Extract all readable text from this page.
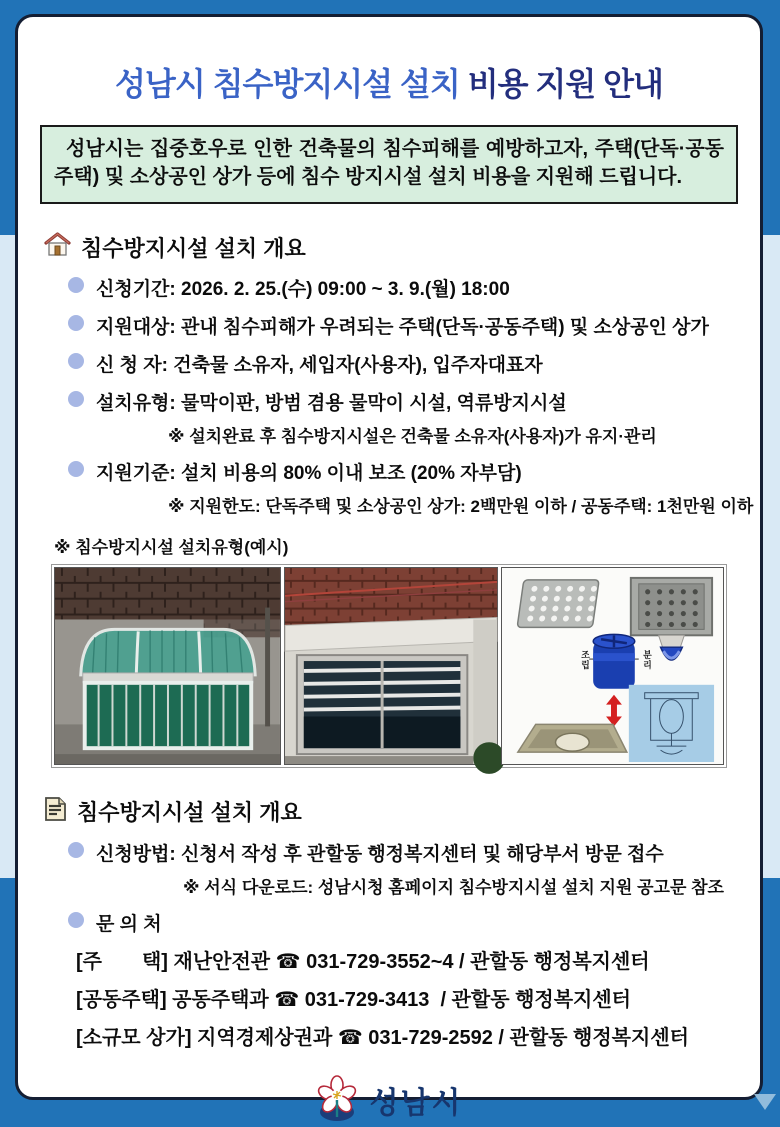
성남시 침수방지시설 설치 비용 지원 안내
성남시는 집중호우로 인한 건축물의 침수피해를 예방하고자, 주택(단독·공동주택) 및 소상공인 상가 등에 침수 방지시설 설치 비용을 지원해 드립니다.
침수방지시설 설치 개요
신청기간: 2026. 2. 25.(수) 09:00 ~ 3. 9.(월) 18:00
지원대상: 관내 침수피해가 우려되는 주택(단독·공동주택) 및 소상공인 상가
신 청 자: 건축물 소유자, 세입자(사용자), 입주자대표자
설치유형: 물막이판, 방범 겸용 물막이 시설, 역류방지시설
※ 설치완료 후 침수방지시설은 건축물 소유자(사용자)가 유지·관리
지원기준: 설치 비용의 80% 이내 보조 (20% 자부담)
※ 지원한도: 단독주택 및 소상공인 상가: 2백만원 이하 / 공동주택: 1천만원 이하
※ 침수방지시설 설치유형(예시)
조립	분리
침수방지시설 설치 개요
신청방법: 신청서 작성 후 관할동 행정복지센터 및 해당부서 방문 접수
※ 서식 다운로드: 성남시청 홈페이지 침수방지시설 설치 지원 공고문 참조
문 의 처
[주　　택] 재난안전관 ☎ 031-729-3552~4 / 관할동 행정복지센터
[공동주택] 공동주택과 ☎ 031-729-3413  / 관할동 행정복지센터
[소규모 상가] 지역경제상권과 ☎ 031-729-2592 / 관할동 행정복지센터
성남시
